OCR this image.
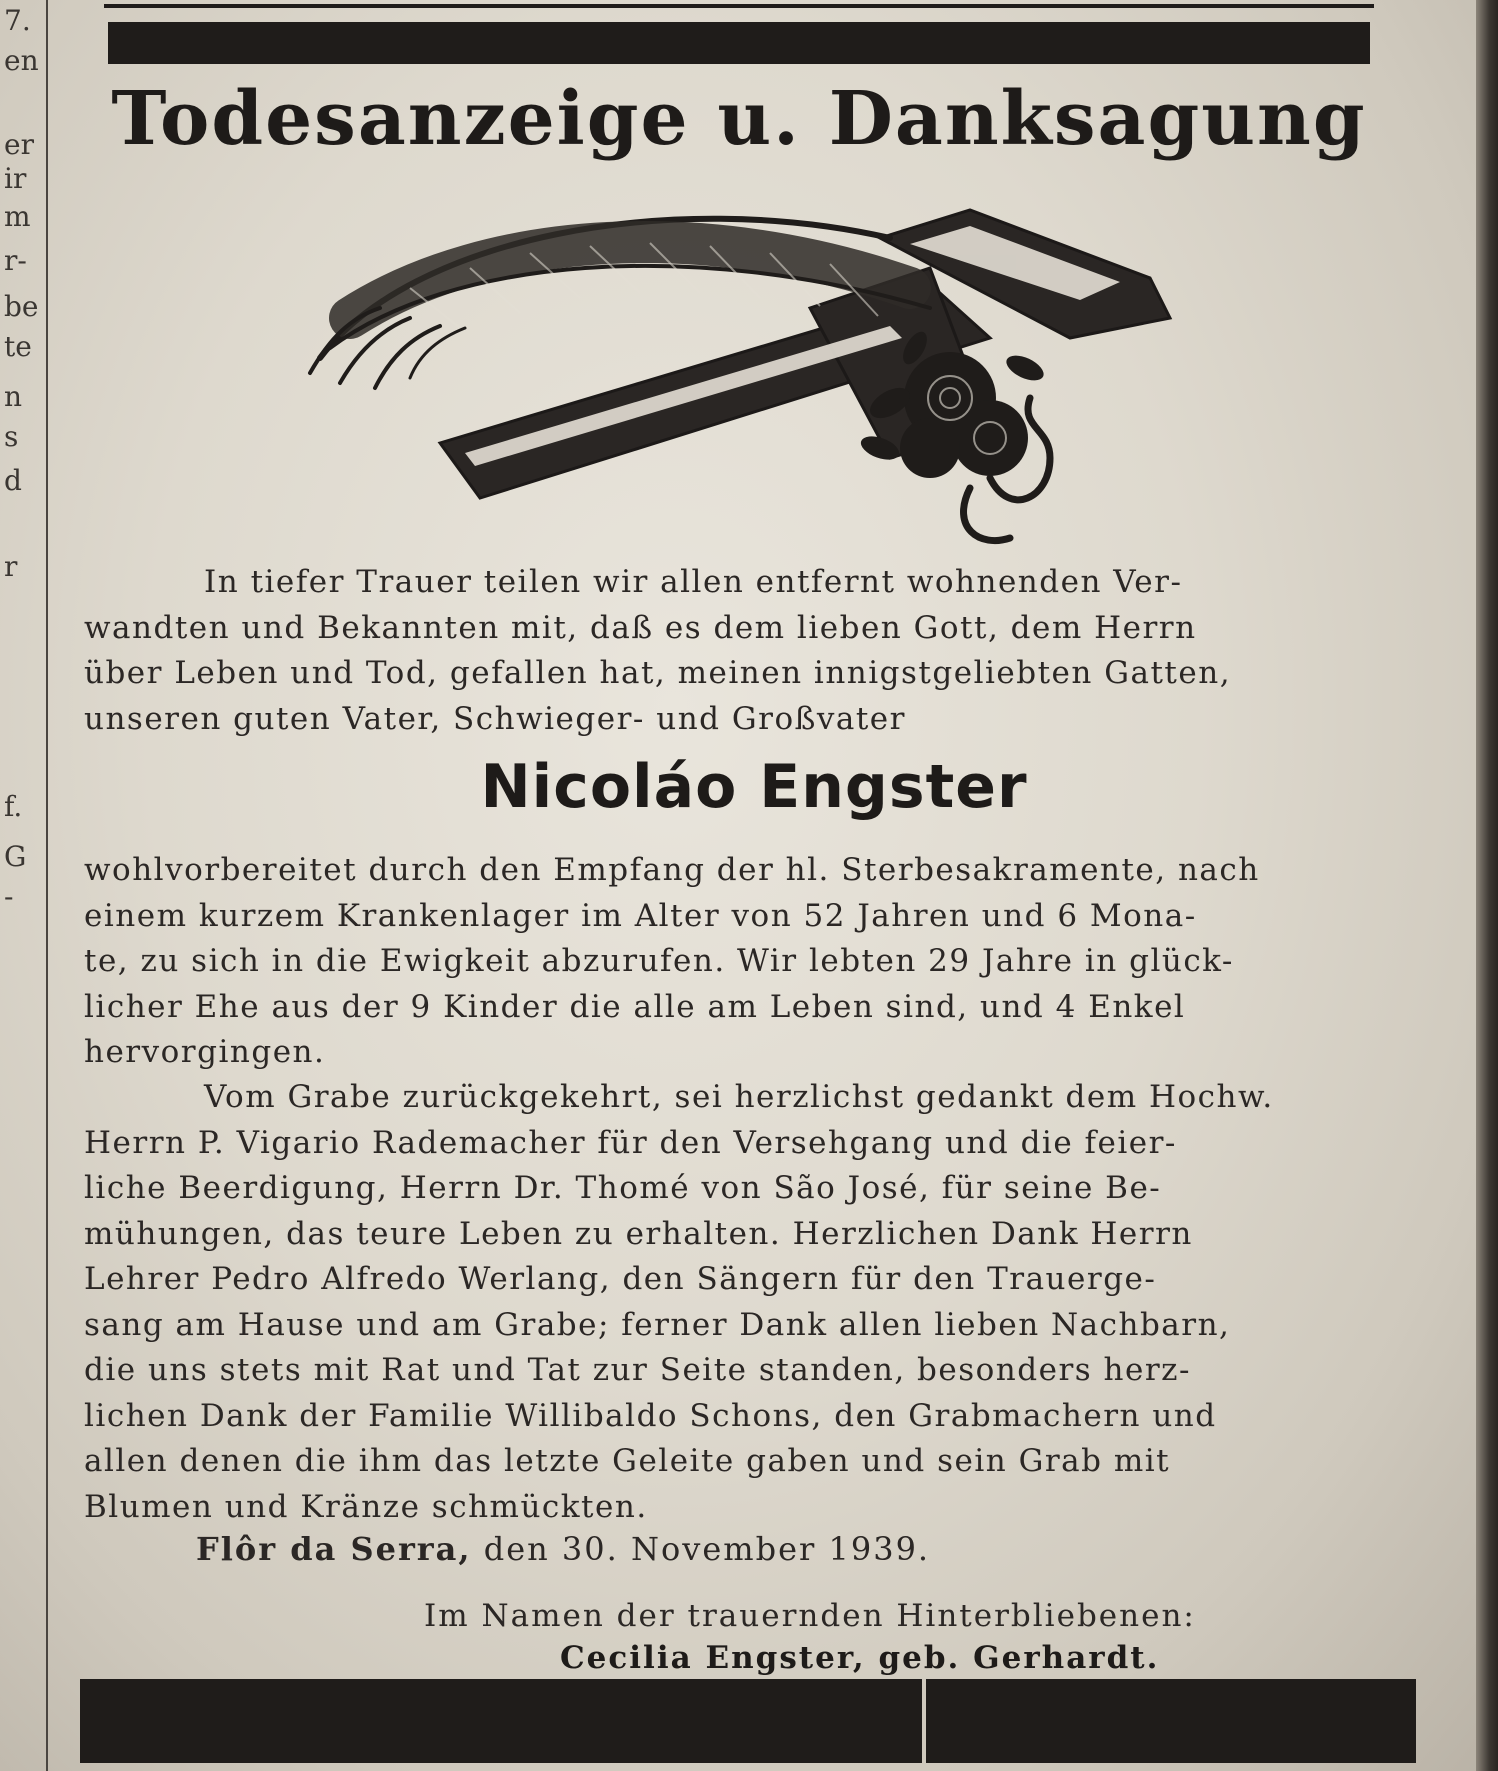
7.
en
er
ir
m
r-
be
te
n
s
d
r
f.
G
-
Todesanzeige u. Danksagung
In tiefer Trauer teilen wir allen entfernt wohnenden Ver-
wandten und Bekannten mit, daß es dem lieben Gott, dem Herrn
über Leben und Tod, gefallen hat, meinen innigstgeliebten Gatten,
unseren guten Vater, Schwieger- und Großvater
Nicoláo Engster
wohlvorbereitet durch den Empfang der hl. Sterbesakramente, nach
einem kurzem Krankenlager im Alter von 52 Jahren und 6 Mona-
te, zu sich in die Ewigkeit abzurufen. Wir lebten 29 Jahre in glück-
licher Ehe aus der 9 Kinder die alle am Leben sind, und 4 Enkel
hervorgingen.
Vom Grabe zurückgekehrt, sei herzlichst gedankt dem Hochw.
Herrn P. Vigario Rademacher für den Versehgang und die feier-
liche Beerdigung, Herrn Dr. Thomé von São José, für seine Be-
mühungen, das teure Leben zu erhalten. Herzlichen Dank Herrn
Lehrer Pedro Alfredo Werlang, den Sängern für den Trauerge-
sang am Hause und am Grabe; ferner Dank allen lieben Nachbarn,
die uns stets mit Rat und Tat zur Seite standen, besonders herz-
lichen Dank der Familie Willibaldo Schons, den Grabmachern und
allen denen die ihm das letzte Geleite gaben und sein Grab mit
Blumen und Kränze schmückten.
Flôr da Serra, den 30. November 1939.
Im Namen der trauernden Hinterbliebenen:
Cecilia Engster, geb. Gerhardt.
